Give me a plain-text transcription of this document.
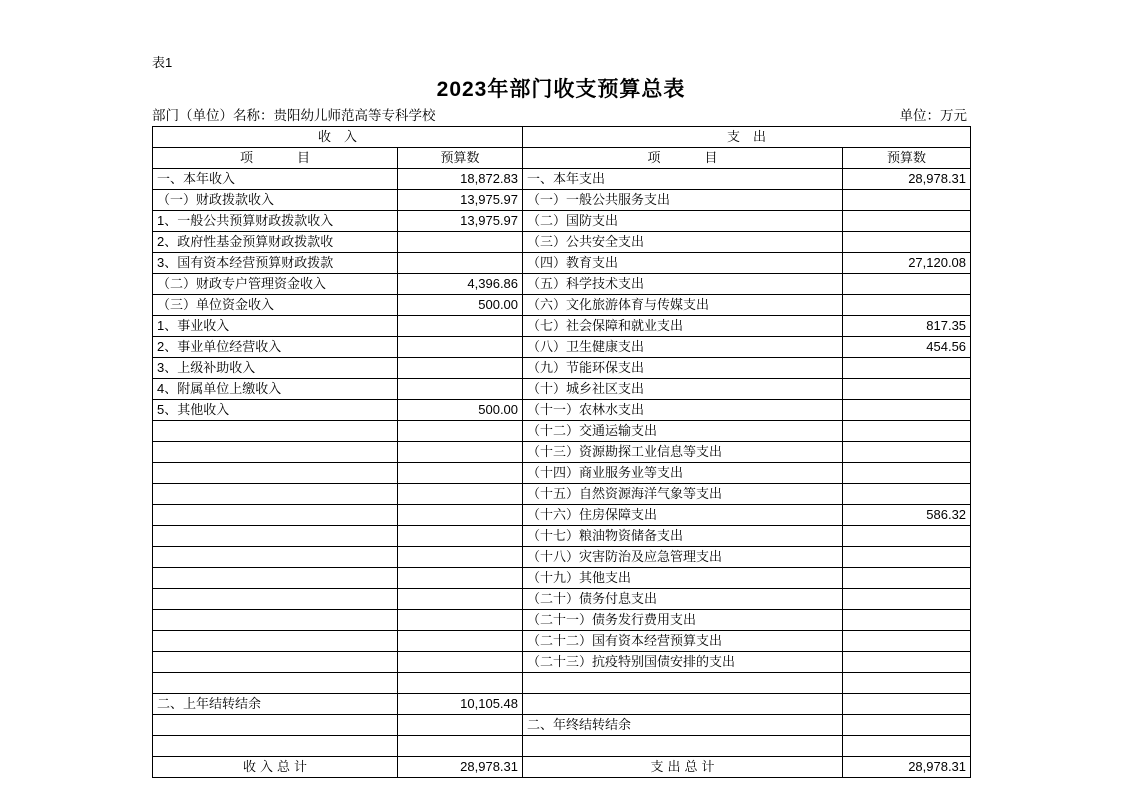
表1
2023年部门收支预算总表
部门（单位）名称：贵阳幼儿师范高等专科学校	单位：万元
收　入		支　出	
项　　目	预算数	项　　目	预算数
一、本年收入	18,872.83	一、本年支出	28,978.31
（一）财政拨款收入	13,975.97	（一）一般公共服务支出	
1、一般公共预算财政拨款收入	13,975.97	（二）国防支出	
2、政府性基金预算财政拨款收		（三）公共安全支出	
3、国有资本经营预算财政拨款		（四）教育支出	27,120.08
（二）财政专户管理资金收入	4,396.86	（五）科学技术支出	
（三）单位资金收入	500.00	（六）文化旅游体育与传媒支出	
1、事业收入		（七）社会保障和就业支出	817.35
2、事业单位经营收入		（八）卫生健康支出	454.56
3、上级补助收入		（九）节能环保支出	
4、附属单位上缴收入		（十）城乡社区支出	
5、其他收入	500.00	（十一）农林水支出	
		（十二）交通运输支出	
		（十三）资源勘探工业信息等支出	
		（十四）商业服务业等支出	
		（十五）自然资源海洋气象等支出	
		（十六）住房保障支出	586.32
		（十七）粮油物资储备支出	
		（十八）灾害防治及应急管理支出	
		（十九）其他支出	
		（二十）债务付息支出	
		（二十一）债务发行费用支出	
		（二十二）国有资本经营预算支出	
		（二十三）抗疫特别国债安排的支出	

二、上年结转结余	10,105.48		
		二、年终结转结余	

收入总计	28,978.31	支出总计	28,978.31
